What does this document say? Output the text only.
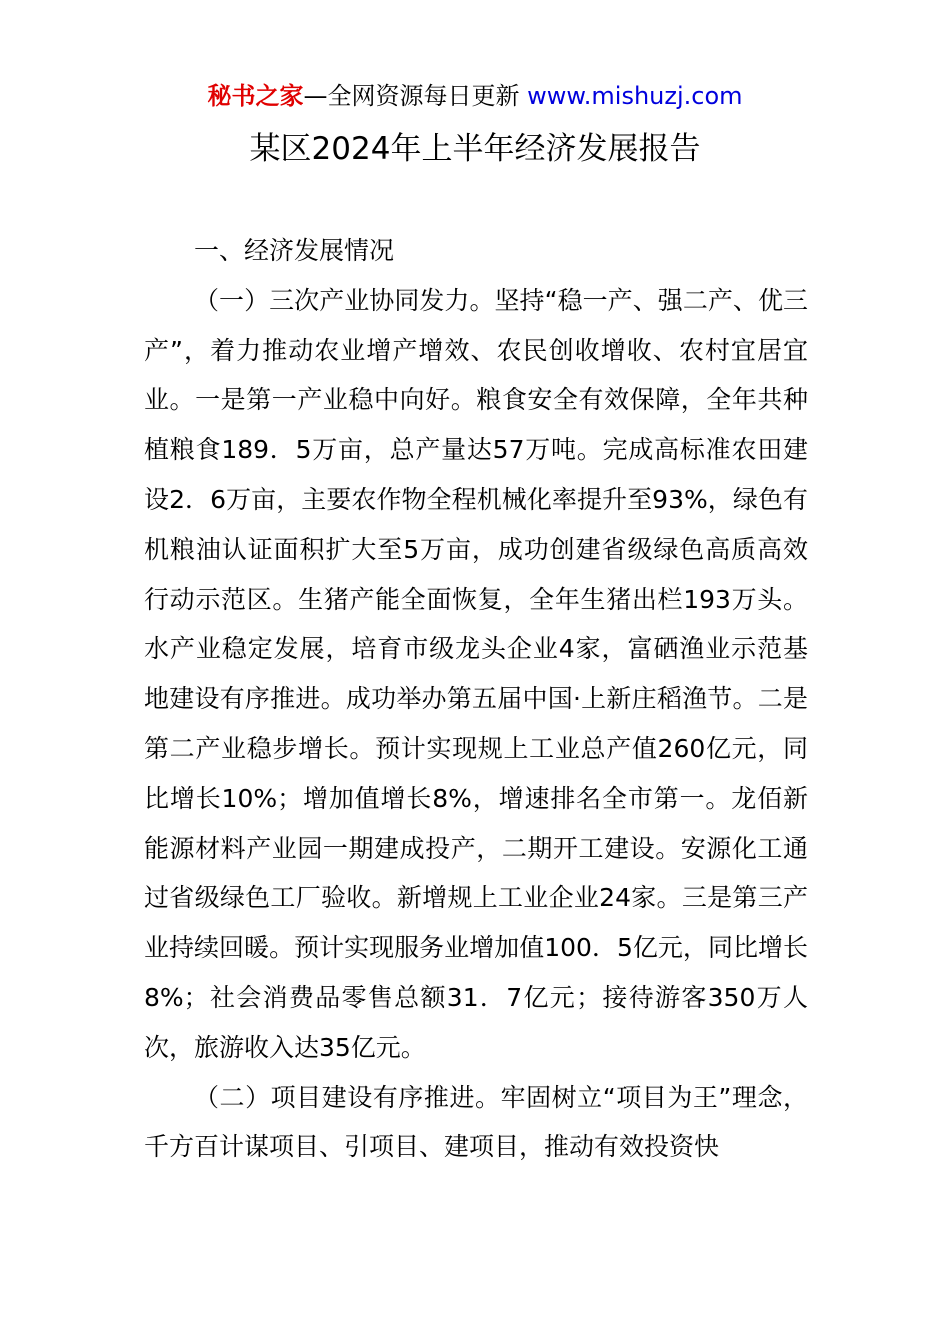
秘书之家—全网资源每日更新 www.mishuzj.com
某区2024年上半年经济发展报告

一、经济发展情况

（一）三次产业协同发力。坚持“稳一产、强二产、优三产”，着力推动农业增产增效、农民创收增收、农村宜居宜业。一是第一产业稳中向好。粮食安全有效保障，全年共种植粮食189．5万亩，总产量达57万吨。完成高标准农田建设2．6万亩，主要农作物全程机械化率提升至93%，绿色有机粮油认证面积扩大至5万亩，成功创建省级绿色高质高效行动示范区。生猪产能全面恢复，全年生猪出栏193万头。水产业稳定发展，培育市级龙头企业4家，富硒渔业示范基地建设有序推进。成功举办第五届中国·上新庄稻渔节。二是第二产业稳步增长。预计实现规上工业总产值260亿元，同比增长10%；增加值增长8%，增速排名全市第一。龙佰新能源材料产业园一期建成投产，二期开工建设。安源化工通过省级绿色工厂验收。新增规上工业企业24家。三是第三产业持续回暖。预计实现服务业增加值100．5亿元，同比增长8%；社会消费品零售总额31．7亿元；接待游客350万人次，旅游收入达35亿元。

（二）项目建设有序推进。牢固树立“项目为王”理念，千方百计谋项目、引项目、建项目，推动有效投资快
